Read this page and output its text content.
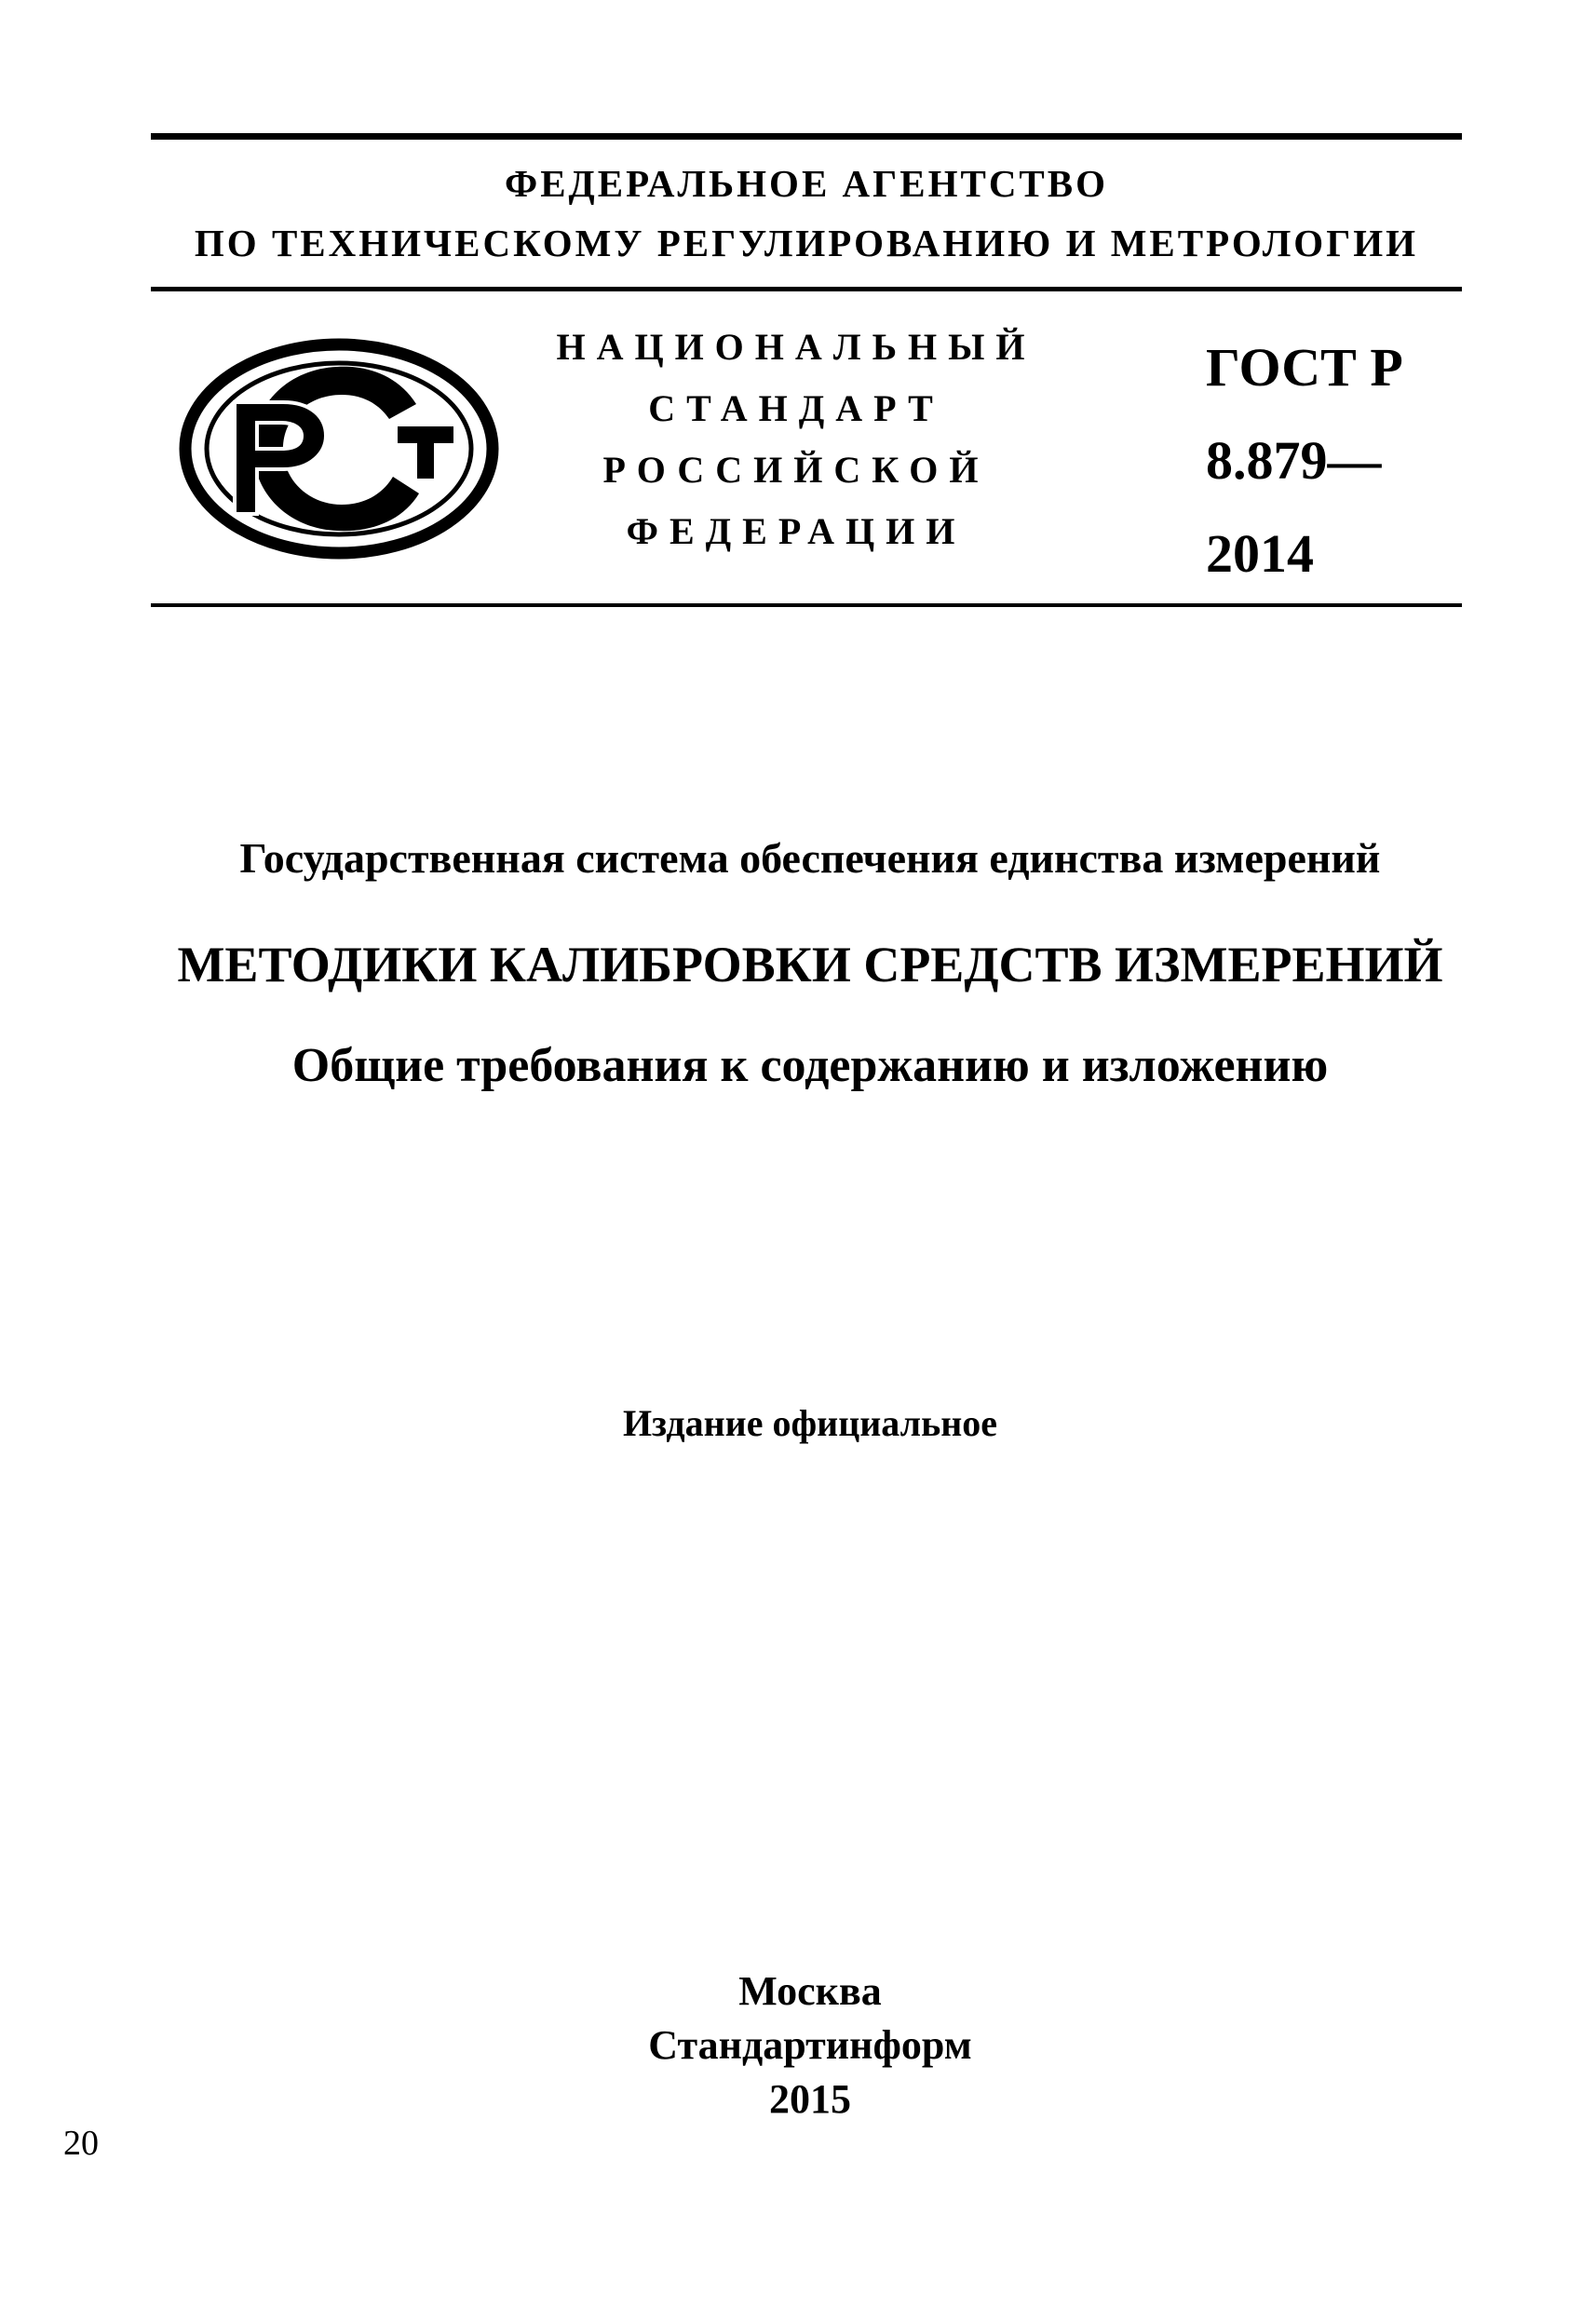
ФЕДЕРАЛЬНОЕ АГЕНТСТВО
ПО ТЕХНИЧЕСКОМУ РЕГУЛИРОВАНИЮ И МЕТРОЛОГИИ
НАЦИОНАЛЬНЫЙ
СТАНДАРТ
РОССИЙСКОЙ
ФЕДЕРАЦИИ
ГОСТ Р
8.879—
2014
Государственная система обеспечения единства измерений
МЕТОДИКИ КАЛИБРОВКИ СРЕДСТВ ИЗМЕРЕНИЙ
Общие требования к содержанию и изложению
Издание официальное
Москва
Стандартинформ
2015
20
